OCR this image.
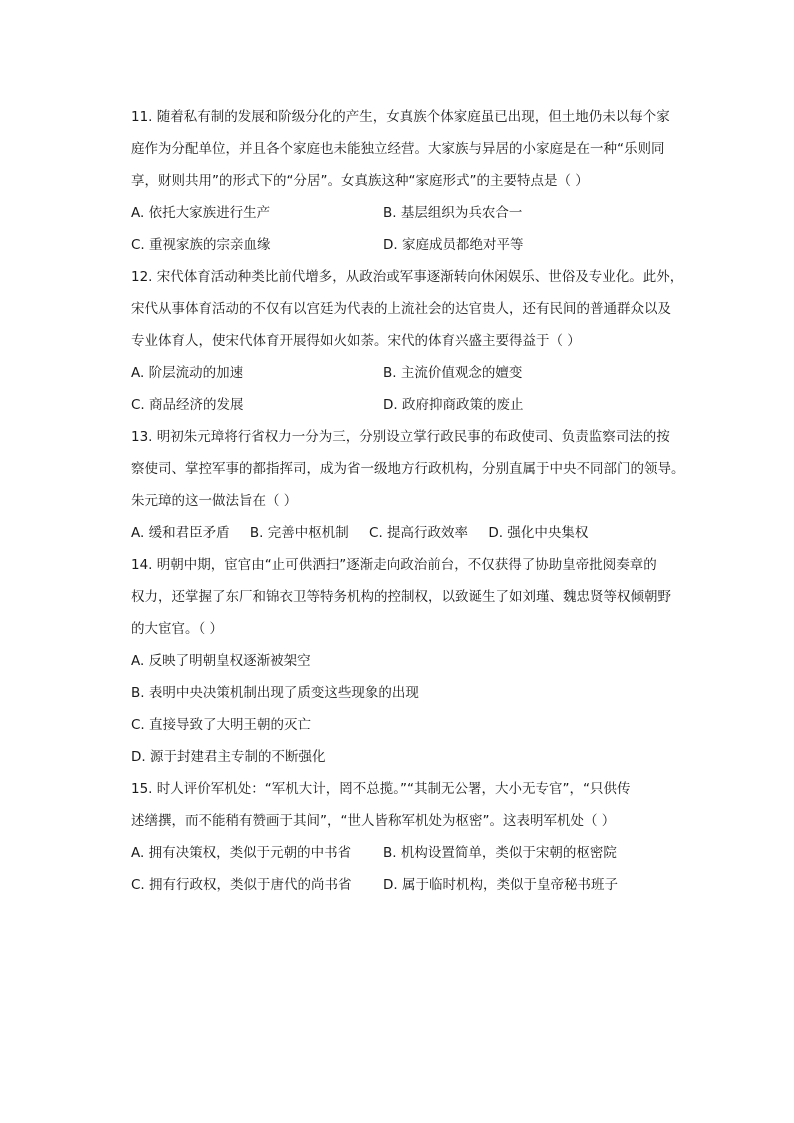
11. 随着私有制的发展和阶级分化的产生，女真族个体家庭虽已出现，但土地仍未以每个家
庭作为分配单位，并且各个家庭也未能独立经营。大家族与异居的小家庭是在一种“乐则同
享，财则共用”的形式下的“分居”。女真族这种“家庭形式”的主要特点是（ ）
A. 依托大家族进行生产	B. 基层组织为兵农合一
C. 重视家族的宗亲血缘	D. 家庭成员都绝对平等
12. 宋代体育活动种类比前代增多，从政治或军事逐渐转向休闲娱乐、世俗及专业化。此外，
宋代从事体育活动的不仅有以宫廷为代表的上流社会的达官贵人，还有民间的普通群众以及
专业体育人，使宋代体育开展得如火如荼。宋代的体育兴盛主要得益于（ ）
A. 阶层流动的加速	B. 主流价值观念的嬗变
C. 商品经济的发展	D. 政府抑商政策的废止
13. 明初朱元璋将行省权力一分为三，分别设立掌行政民事的布政使司、负责监察司法的按
察使司、掌控军事的都指挥司，成为省一级地方行政机构，分别直属于中央不同部门的领导。
朱元璋的这一做法旨在（ ）
A. 缓和君臣矛盾 B. 完善中枢机制 C. 提高行政效率 D. 强化中央集权
14. 明朝中期，宦官由“止可供洒扫”逐渐走向政治前台，不仅获得了协助皇帝批阅奏章的
权力，还掌握了东厂和锦衣卫等特务机构的控制权，以致诞生了如刘瑾、魏忠贤等权倾朝野
的大宦官。（ ）
A. 反映了明朝皇权逐渐被架空
B. 表明中央决策机制出现了质变这些现象的出现
C. 直接导致了大明王朝的灭亡
D. 源于封建君主专制的不断强化
15. 时人评价军机处：“军机大计，罔不总揽。”“其制无公署，大小无专官”，“只供传
述缮撰，而不能稍有赞画于其间”，“世人皆称军机处为枢密”。这表明军机处（ ）
A. 拥有决策权，类似于元朝的中书省	B. 机构设置简单，类似于宋朝的枢密院
C. 拥有行政权，类似于唐代的尚书省	D. 属于临时机构，类似于皇帝秘书班子
